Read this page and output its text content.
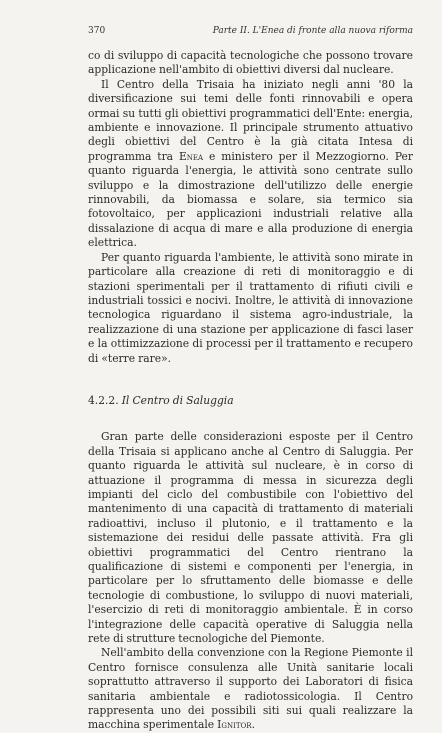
370	Parte II. L'Enea di fronte alla nuova riforma

co di sviluppo di capacità tecnologiche che possono trovare applicazione nell'ambito di obiettivi diversi dal nucleare.

Il Centro della Trisaia ha iniziato negli anni '80 la diversificazione sui temi delle fonti rinnovabili e opera ormai su tutti gli obiettivi programmatici dell'Ente: energia, ambiente e innovazione. Il principale strumento attuativo degli obiettivi del Centro è la già citata Intesa di programma tra Enea e ministero per il Mezzogiorno. Per quanto riguarda l'energia, le attività sono centrate sullo sviluppo e la dimostrazione dell'utilizzo delle energie rinnovabili, da biomassa e solare, sia termico sia fotovoltaico, per applicazioni industriali relative alla dissalazione di acqua di mare e alla produzione di energia elettrica.

Per quanto riguarda l'ambiente, le attività sono mirate in particolare alla creazione di reti di monitoraggio e di stazioni sperimentali per il trattamento di rifiuti civili e industriali tossici e nocivi. Inoltre, le attività di innovazione tecnologica riguardano il sistema agro-industriale, la realizzazione di una stazione per applicazione di fasci laser e la ottimizzazione di processi per il trattamento e recupero di «terre rare».

4.2.2. Il Centro di Saluggia

Gran parte delle considerazioni esposte per il Centro della Trisaia si applicano anche al Centro di Saluggia. Per quanto riguarda le attività sul nucleare, è in corso di attuazione il programma di messa in sicurezza degli impianti del ciclo del combustibile con l'obiettivo del mantenimento di una capacità di trattamento di materiali radioattivi, incluso il plutonio, e il trattamento e la sistemazione dei residui delle passate attività. Fra gli obiettivi programmatici del Centro rientrano la qualificazione di sistemi e componenti per l'energia, in particolare per lo sfruttamento delle biomasse e delle tecnologie di combustione, lo sviluppo di nuovi materiali, l'esercizio di reti di monitoraggio ambientale. È in corso l'integrazione delle capacità operative di Saluggia nella rete di strutture tecnologiche del Piemonte.

Nell'ambito della convenzione con la Regione Piemonte il Centro fornisce consulenza alle Unità sanitarie locali soprattutto attraverso il supporto dei Laboratori di fisica sanitaria ambientale e radiotossicologia. Il Centro rappresenta uno dei possibili siti sui quali realizzare la macchina sperimentale Ignitor.
